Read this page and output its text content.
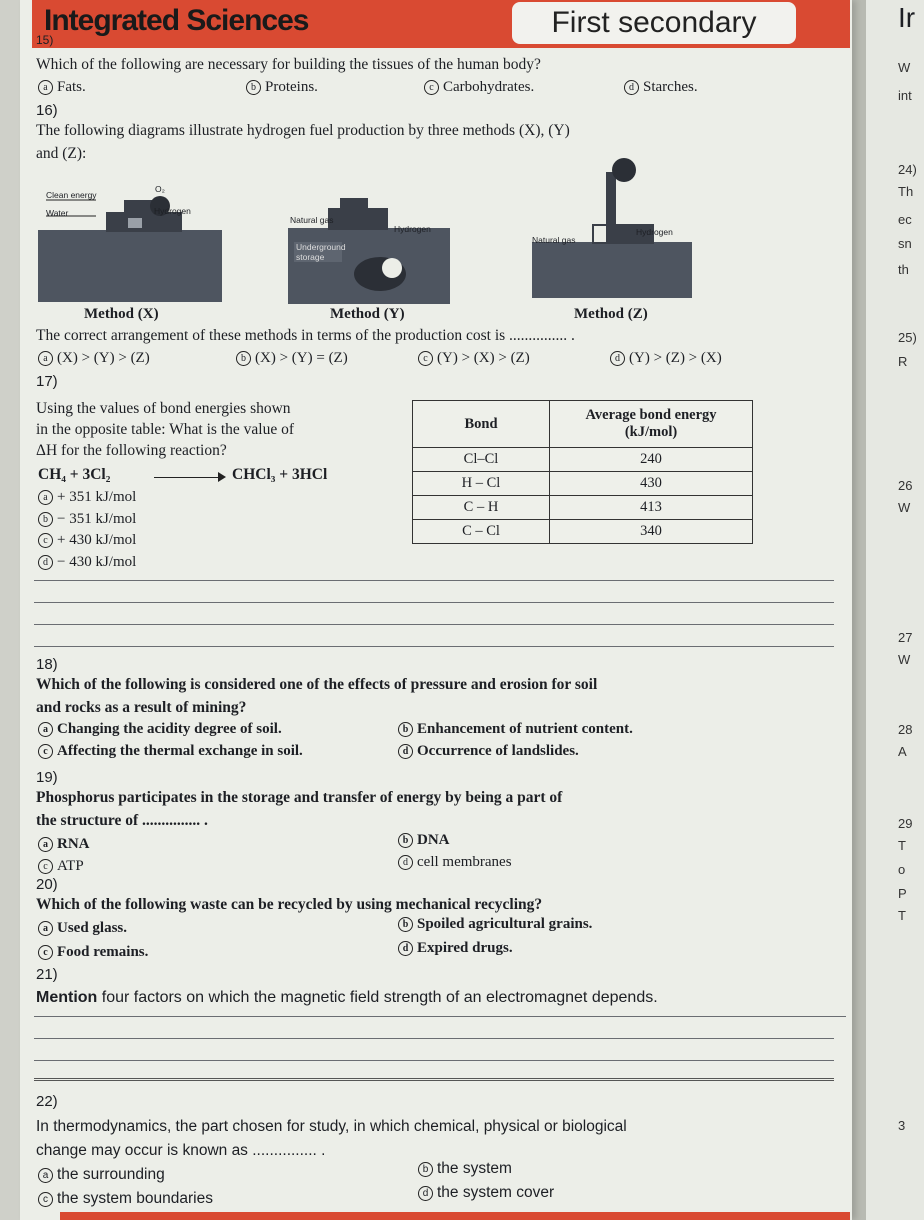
Integrated Sciences	First secondary	Ir
15)
Which of the following are necessary for building the tissues of the human body?
a Fats.	b Proteins.	c Carbohydrates.	d Starches.
16)
The following diagrams illustrate hydrogen fuel production by three methods (X), (Y)
and (Z):
Clean energy
Water	Hydrogen
O₂
Method (X)
Natural gas
Hydrogen
Underground storage
Method (Y)
Natural gas
Hydrogen
Method (Z)
The correct arrangement of these methods in terms of the production cost is ............... .
a (X) > (Y) > (Z)	b (X) > (Y) = (Z)	c (Y) > (X) > (Z)	d (Y) > (Z) > (X)
17)
Using the values of bond energies shown
in the opposite table: What is the value of
ΔH for the following reaction?
CH₄ + 3Cl₂	CHCl₃ + 3HCl
a + 351 kJ/mol
b − 351 kJ/mol
c + 430 kJ/mol
d − 430 kJ/mol
Bond	Average bond energy
(kJ/mol)

Cl–Cl	240
H – Cl	430
C – H	413
C – Cl	340
18)
Which of the following is considered one of the effects of pressure and erosion for soil
and rocks as a result of mining?
a Changing the acidity degree of soil.	b Enhancement of nutrient content.
c Affecting the thermal exchange in soil.	d Occurrence of landslides.
19)
Phosphorus participates in the storage and transfer of energy by being a part of
the structure of ............... .
a RNA	b DNA
c ATP	d cell membranes
20)
Which of the following waste can be recycled by using mechanical recycling?
a Used glass.	b Spoiled agricultural grains.
c Food remains.	d Expired drugs.
21)
Mention four factors on which the magnetic field strength of an electromagnet depends.
22)
In thermodynamics, the part chosen for study, in which chemical, physical or biological
change may occur is known as ............... .
a the surrounding	b the system
c the system boundaries	d the system cover
W
int
24)
Th
ec
sn
th
25)
R
26
W
27
W
28
A
29
T
o
P
T
3
